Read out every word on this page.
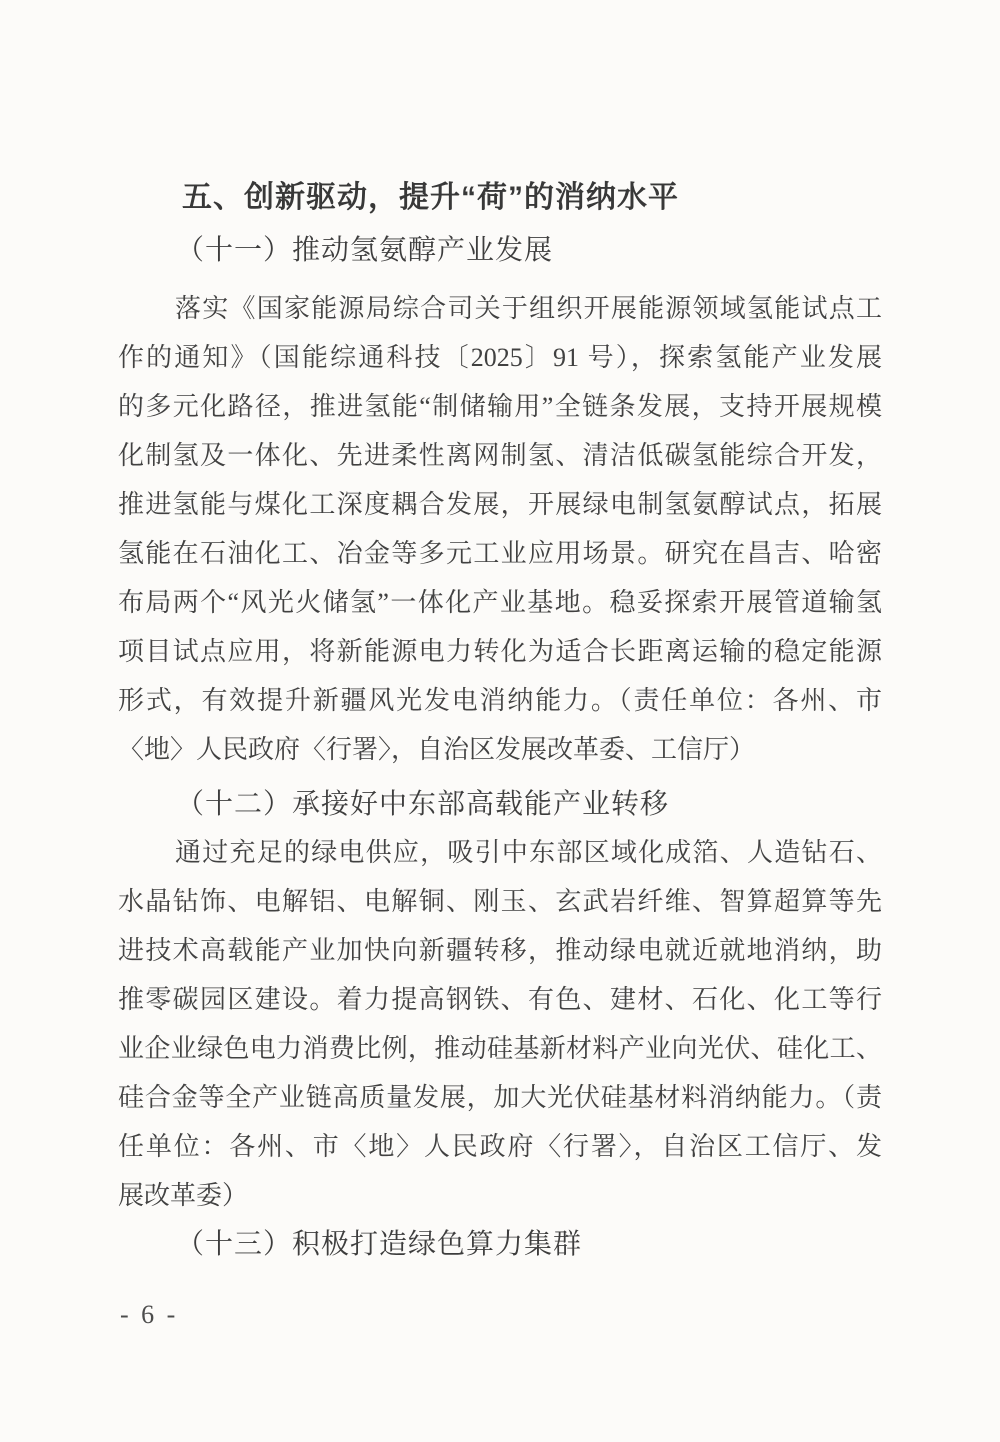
五、创新驱动，提升“荷”的消纳水平
（十一）推动氢氨醇产业发展
落实《国家能源局综合司关于组织开展能源领域氢能试点工
作的通知》（国能综通科技〔2025〕91 号），探索氢能产业发展
的多元化路径，推进氢能“制储输用”全链条发展，支持开展规模
化制氢及一体化、先进柔性离网制氢、清洁低碳氢能综合开发，
推进氢能与煤化工深度耦合发展，开展绿电制氢氨醇试点，拓展
氢能在石油化工、冶金等多元工业应用场景。研究在昌吉、哈密
布局两个“风光火储氢”一体化产业基地。稳妥探索开展管道输氢
项目试点应用，将新能源电力转化为适合长距离运输的稳定能源
形式，有效提升新疆风光发电消纳能力。（责任单位：各州、市
〈地〉人民政府〈行署〉，自治区发展改革委、工信厅）
（十二）承接好中东部高载能产业转移
通过充足的绿电供应，吸引中东部区域化成箔、人造钻石、
水晶钻饰、电解铝、电解铜、刚玉、玄武岩纤维、智算超算等先
进技术高载能产业加快向新疆转移，推动绿电就近就地消纳，助
推零碳园区建设。着力提高钢铁、有色、建材、石化、化工等行
业企业绿色电力消费比例，推动硅基新材料产业向光伏、硅化工、
硅合金等全产业链高质量发展，加大光伏硅基材料消纳能力。（责
任单位：各州、市〈地〉人民政府〈行署〉，自治区工信厅、发
展改革委）
（十三）积极打造绿色算力集群
- 6 -
